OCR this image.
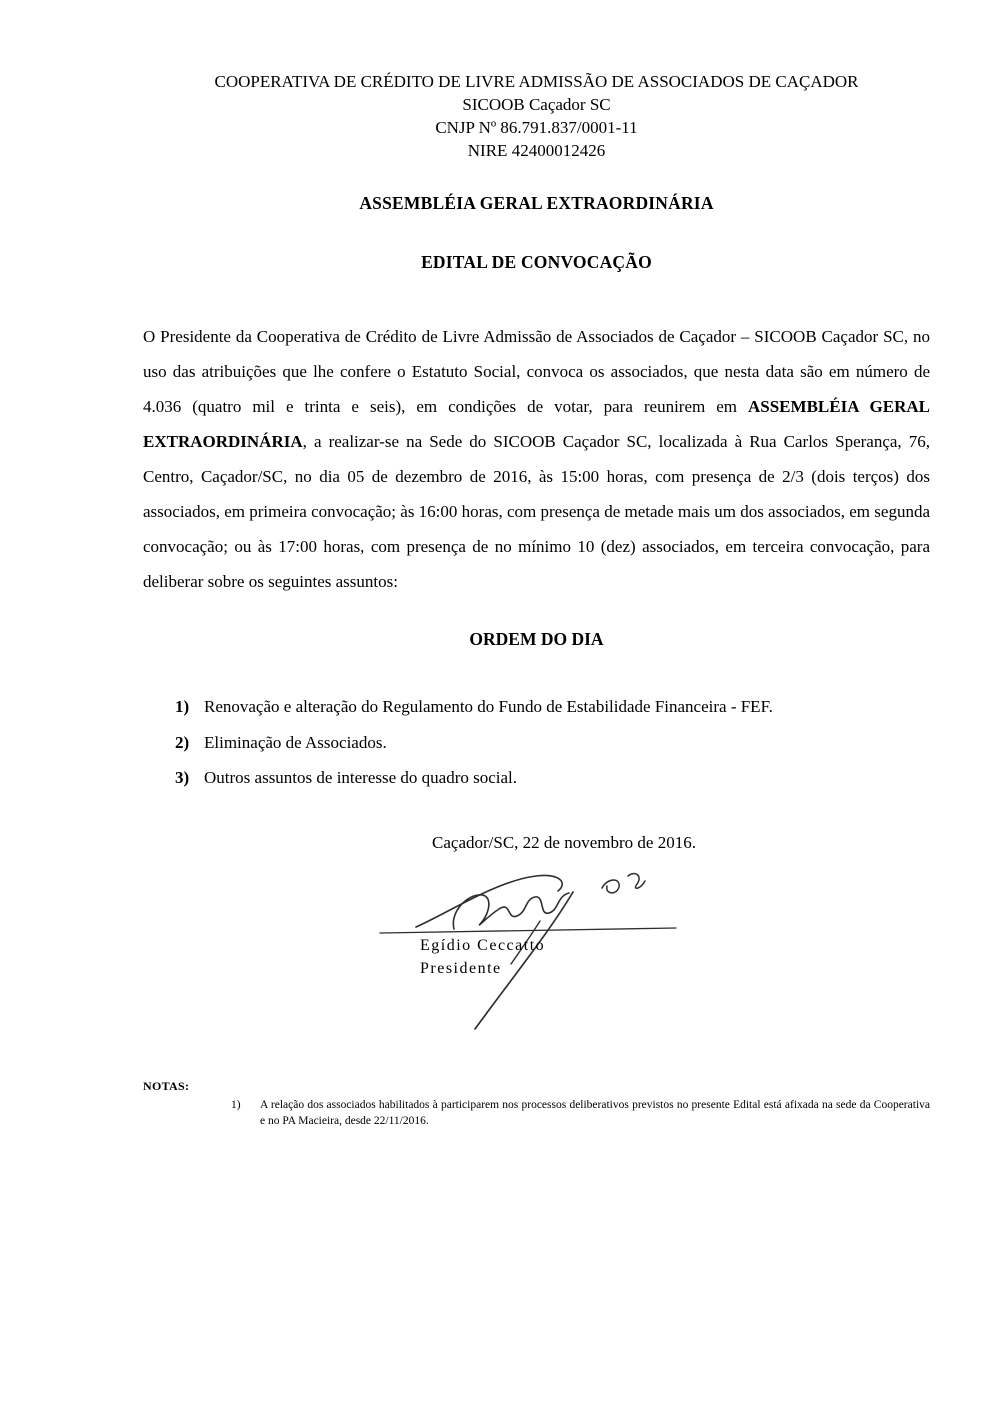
COOPERATIVA DE CRÉDITO DE LIVRE ADMISSÃO DE ASSOCIADOS DE CAÇADOR
SICOOB Caçador SC
CNJP Nº 86.791.837/0001-11
NIRE 42400012426
ASSEMBLÉIA GERAL EXTRAORDINÁRIA
EDITAL DE CONVOCAÇÃO

O Presidente da Cooperativa de Crédito de Livre Admissão de Associados de Caçador – SICOOB Caçador SC, no uso das atribuições que lhe confere o Estatuto Social, convoca os associados, que nesta data são em número de 4.036 (quatro mil e trinta e seis), em condições de votar, para reunirem em ASSEMBLÉIA GERAL EXTRAORDINÁRIA, a realizar-se na Sede do SICOOB Caçador SC, localizada à Rua Carlos Sperança, 76, Centro, Caçador/SC, no dia 05 de dezembro de 2016, às 15:00 horas, com presença de 2/3 (dois terços) dos associados, em primeira convocação; às 16:00 horas, com presença de metade mais um dos associados, em segunda convocação; ou às 17:00 horas, com presença de no mínimo 10 (dez) associados, em terceira convocação, para deliberar sobre os seguintes assuntos:

ORDEM DO DIA
1) Renovação e alteração do Regulamento do Fundo de Estabilidade Financeira - FEF.
2) Eliminação de Associados.
3) Outros assuntos de interesse do quadro social.
Caçador/SC, 22 de novembro de 2016.
Egídio Ceccatto
Presidente
NOTAS:
1)	A relação dos associados habilitados à participarem nos processos deliberativos previstos no presente Edital está afixada na sede da Cooperativa e no PA Macieira, desde 22/11/2016.
